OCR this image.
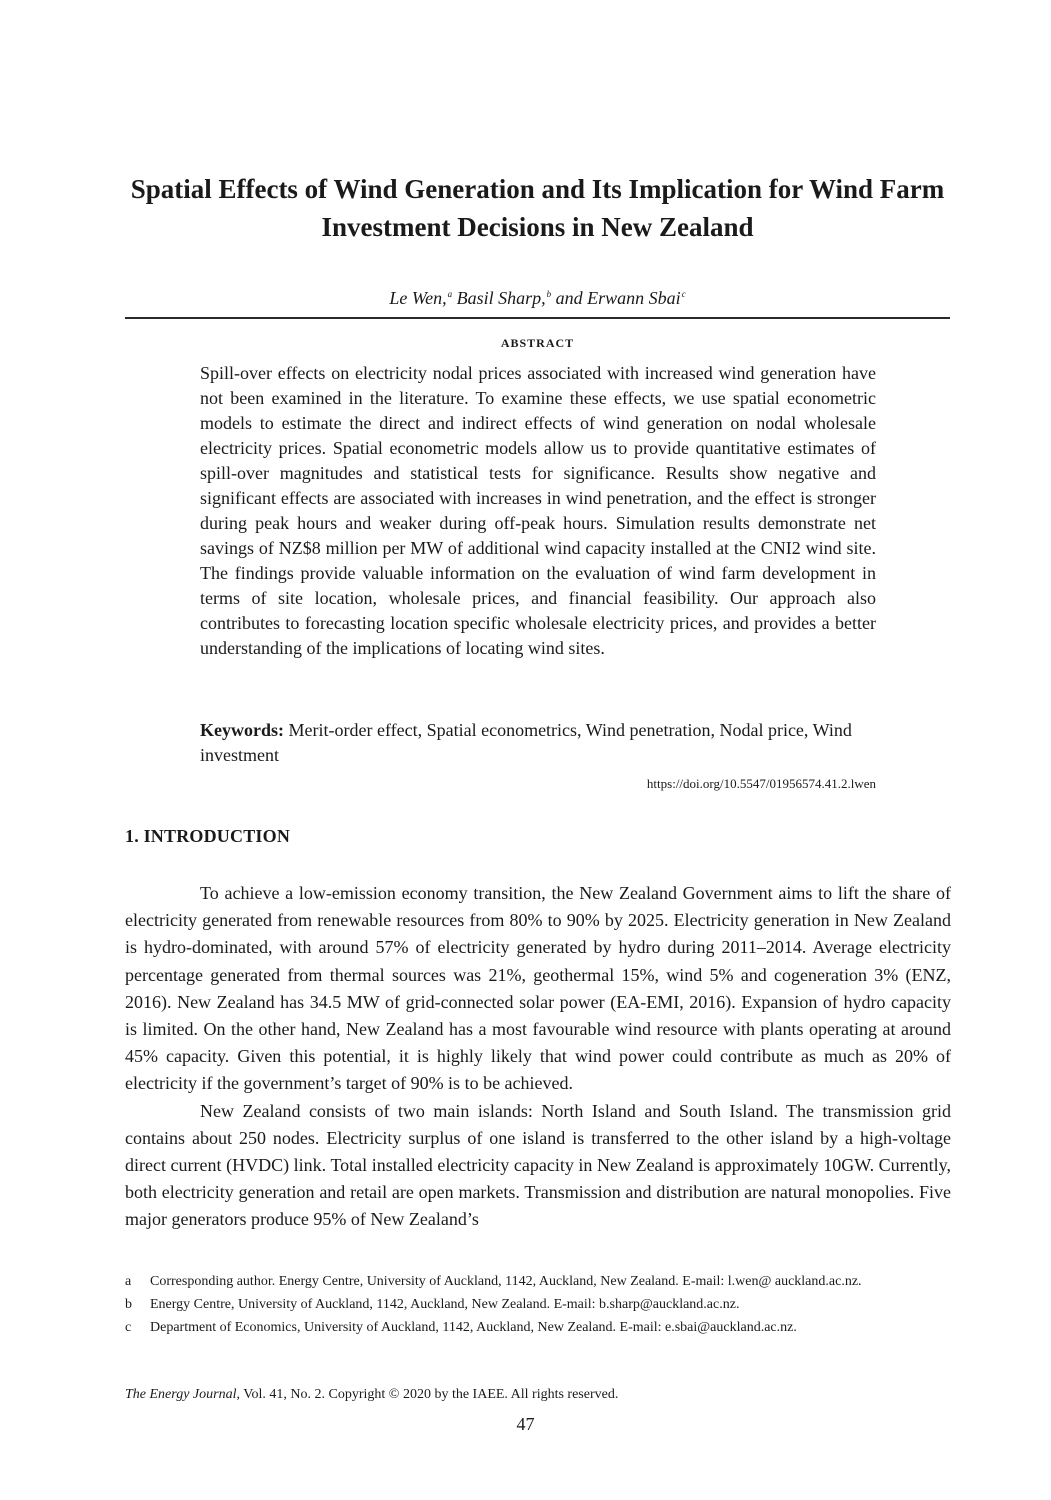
Spatial Effects of Wind Generation and Its Implication for Wind Farm Investment Decisions in New Zealand
Le Wen,$^a$ Basil Sharp,$^b$ and Erwann Sbai$^c$
ABSTRACT

Spill-over effects on electricity nodal prices associated with increased wind generation have not been examined in the literature. To examine these effects, we use spatial econometric models to estimate the direct and indirect effects of wind generation on nodal wholesale electricity prices. Spatial econometric models allow us to provide quantitative estimates of spill-over magnitudes and statistical tests for significance. Results show negative and significant effects are associated with increases in wind penetration, and the effect is stronger during peak hours and weaker during off-peak hours. Simulation results demonstrate net savings of NZ$8 million per MW of additional wind capacity installed at the CNI2 wind site. The findings provide valuable information on the evaluation of wind farm development in terms of site location, wholesale prices, and financial feasibility. Our approach also contributes to forecasting location specific wholesale electricity prices, and provides a better understanding of the implications of locating wind sites.

Keywords: Merit-order effect, Spatial econometrics, Wind penetration, Nodal price, Wind investment

https://doi.org/10.5547/01956574.41.2.lwen
1. INTRODUCTION

To achieve a low-emission economy transition, the New Zealand Government aims to lift the share of electricity generated from renewable resources from 80% to 90% by 2025. Electricity generation in New Zealand is hydro-dominated, with around 57% of electricity generated by hydro during 2011–2014. Average electricity percentage generated from thermal sources was 21%, geothermal 15%, wind 5% and cogeneration 3% (ENZ, 2016). New Zealand has 34.5 MW of grid-connected solar power (EA-EMI, 2016). Expansion of hydro capacity is limited. On the other hand, New Zealand has a most favourable wind resource with plants operating at around 45% capacity. Given this potential, it is highly likely that wind power could contribute as much as 20% of electricity if the government’s target of 90% is to be achieved.

New Zealand consists of two main islands: North Island and South Island. The transmission grid contains about 250 nodes. Electricity surplus of one island is transferred to the other island by a high-voltage direct current (HVDC) link. Total installed electricity capacity in New Zealand is approximately 10GW. Currently, both electricity generation and retail are open markets. Transmission and distribution are natural monopolies. Five major generators produce 95% of New Zealand’s

a	Corresponding author. Energy Centre, University of Auckland, 1142, Auckland, New Zealand. E-mail: l.wen@ auckland.ac.nz.
b	Energy Centre, University of Auckland, 1142, Auckland, New Zealand. E-mail: b.sharp@auckland.ac.nz.
c	Department of Economics, University of Auckland, 1142, Auckland, New Zealand. E-mail: e.sbai@auckland.ac.nz.
The Energy Journal, Vol. 41, No. 2. Copyright © 2020 by the IAEE. All rights reserved.
47
